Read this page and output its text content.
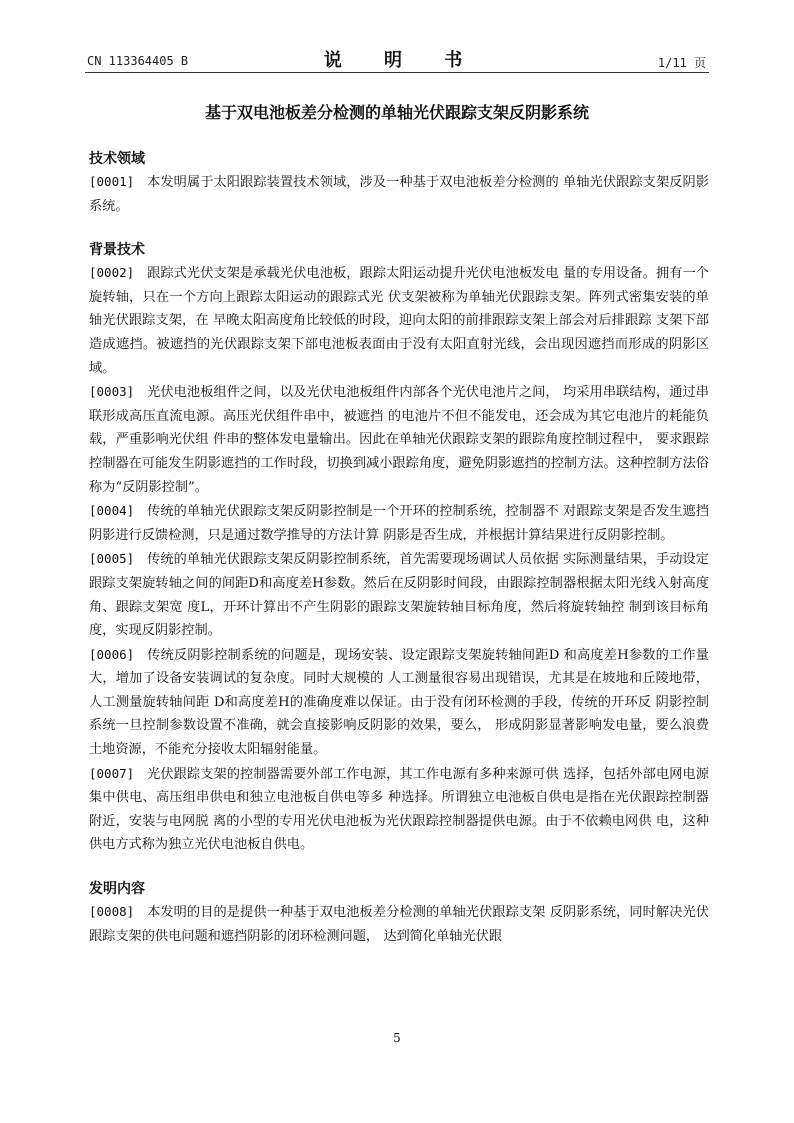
CN 113364405 B	说 明 书	1/11 页
基于双电池板差分检测的单轴光伏跟踪支架反阴影系统

技术领域

[0001] 本发明属于太阳跟踪装置技术领域，涉及一种基于双电池板差分检测的 单轴光伏跟踪支架反阴影系统。

背景技术

[0002] 跟踪式光伏支架是承载光伏电池板，跟踪太阳运动提升光伏电池板发电 量的专用设备。拥有一个旋转轴，只在一个方向上跟踪太阳运动的跟踪式光 伏支架被称为单轴光伏跟踪支架。阵列式密集安装的单轴光伏跟踪支架，在 早晚太阳高度角比较低的时段，迎向太阳的前排跟踪支架上部会对后排跟踪 支架下部造成遮挡。被遮挡的光伏跟踪支架下部电池板表面由于没有太阳直射光线，会出现因遮挡而形成的阴影区域。

[0003] 光伏电池板组件之间，以及光伏电池板组件内部各个光伏电池片之间， 均采用串联结构，通过串联形成高压直流电源。高压光伏组件串中，被遮挡 的电池片不但不能发电，还会成为其它电池片的耗能负载，严重影响光伏组 件串的整体发电量输出。因此在单轴光伏跟踪支架的跟踪角度控制过程中， 要求跟踪控制器在可能发生阴影遮挡的工作时段，切换到减小跟踪角度，避免阴影遮挡的控制方法。这种控制方法俗称为“反阴影控制”。

[0004] 传统的单轴光伏跟踪支架反阴影控制是一个开环的控制系统，控制器不 对跟踪支架是否发生遮挡阴影进行反馈检测，只是通过数学推导的方法计算 阴影是否生成，并根据计算结果进行反阴影控制。

[0005] 传统的单轴光伏跟踪支架反阴影控制系统，首先需要现场调试人员依据 实际测量结果，手动设定跟踪支架旋转轴之间的间距D和高度差H参数。然后在反阴影时间段，由跟踪控制器根据太阳光线入射高度角、跟踪支架宽 度L，开环计算出不产生阴影的跟踪支架旋转轴目标角度，然后将旋转轴控 制到该目标角度，实现反阴影控制。

[0006] 传统反阴影控制系统的问题是，现场安装、设定跟踪支架旋转轴间距D 和高度差H参数的工作量大，增加了设备安装调试的复杂度。同时大规模的 人工测量很容易出现错误，尤其是在坡地和丘陵地带，人工测量旋转轴间距 D和高度差H的准确度难以保证。由于没有闭环检测的手段，传统的开环反 阴影控制系统一旦控制参数设置不准确，就会直接影响反阴影的效果，要么， 形成阴影显著影响发电量，要么浪费土地资源，不能充分接收太阳辐射能量。

[0007] 光伏跟踪支架的控制器需要外部工作电源，其工作电源有多种来源可供 选择，包括外部电网电源集中供电、高压组串供电和独立电池板自供电等多 种选择。所谓独立电池板自供电是指在光伏跟踪控制器附近，安装与电网脱 离的小型的专用光伏电池板为光伏跟踪控制器提供电源。由于不依赖电网供 电，这种供电方式称为独立光伏电池板自供电。

发明内容

[0008] 本发明的目的是提供一种基于双电池板差分检测的单轴光伏跟踪支架 反阴影系统，同时解决光伏跟踪支架的供电问题和遮挡阴影的闭环检测问题， 达到简化单轴光伏跟

5
